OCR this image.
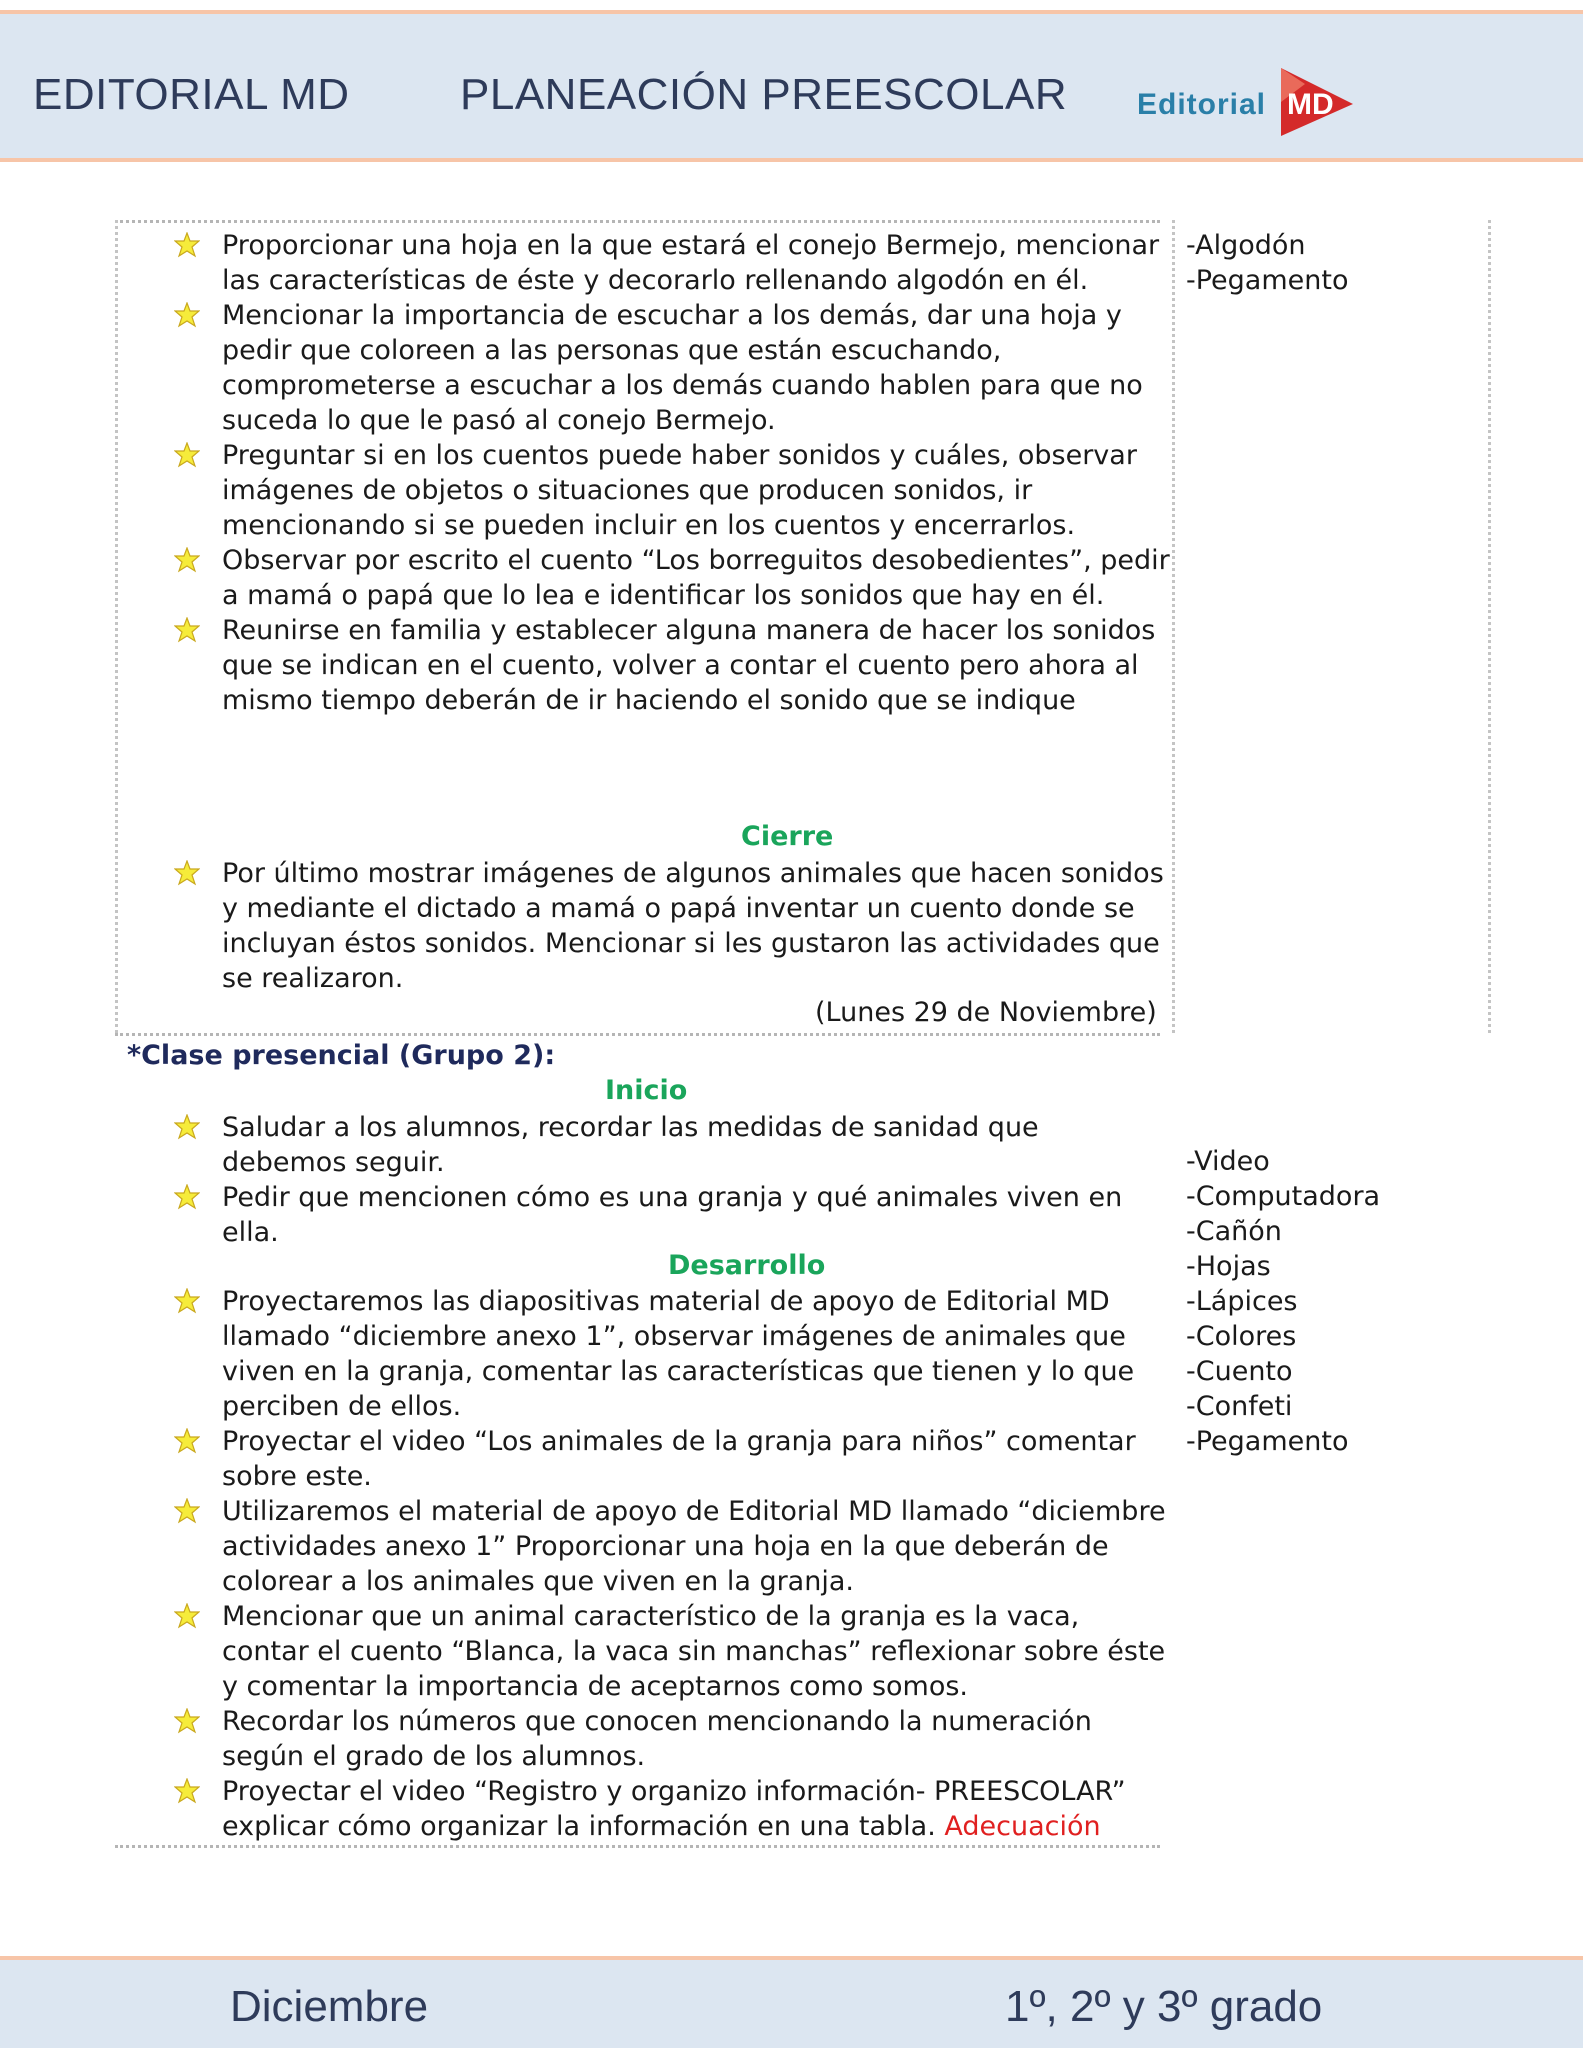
EDITORIAL MD	PLANEACIÓN PREESCOLAR Editorial MD
Proporcionar una hoja en la que estará el conejo Bermejo, mencionar las características de éste y decorarlo rellenando algodón en él.
Mencionar la importancia de escuchar a los demás, dar una hoja y pedir que coloreen a las personas que están escuchando, comprometerse a escuchar a los demás cuando hablen para que no suceda lo que le pasó al conejo Bermejo.
Preguntar si en los cuentos puede haber sonidos y cuáles, observar imágenes de objetos o situaciones que producen sonidos, ir mencionando si se pueden incluir en los cuentos y encerrarlos.
Observar por escrito el cuento “Los borreguitos desobedientes”, pedir a mamá o papá que lo lea e identificar los sonidos que hay en él.
Reunirse en familia y establecer alguna manera de hacer los sonidos que se indican en el cuento, volver a contar el cuento pero ahora al mismo tiempo deberán de ir haciendo el sonido que se indique
Cierre
Por último mostrar imágenes de algunos animales que hacen sonidos y mediante el dictado a mamá o papá inventar un cuento donde se incluyan éstos sonidos. Mencionar si les gustaron las actividades que se realizaron.
(Lunes 29 de Noviembre)
-Algodón
-Pegamento
*Clase presencial (Grupo 2):
Inicio
Saludar a los alumnos, recordar las medidas de sanidad que debemos seguir.
Pedir que mencionen cómo es una granja y qué animales viven en ella.
Desarrollo
Proyectaremos las diapositivas material de apoyo de Editorial MD llamado “diciembre anexo 1”, observar imágenes de animales que viven en la granja, comentar las características que tienen y lo que perciben de ellos.
Proyectar el video “Los animales de la granja para niños” comentar sobre este.
Utilizaremos el material de apoyo de Editorial MD llamado “diciembre actividades anexo 1” Proporcionar una hoja en la que deberán de colorear a los animales que viven en la granja.
Mencionar que un animal característico de la granja es la vaca, contar el cuento “Blanca, la vaca sin manchas” reflexionar sobre éste y comentar la importancia de aceptarnos como somos.
Recordar los números que conocen mencionando la numeración según el grado de los alumnos.
Proyectar el video “Registro y organizo información- PREESCOLAR” explicar cómo organizar la información en una tabla. Adecuación
-Video
-Computadora
-Cañón
-Hojas
-Lápices
-Colores
-Cuento
-Confeti
-Pegamento
Diciembre	1º, 2º y 3º grado
